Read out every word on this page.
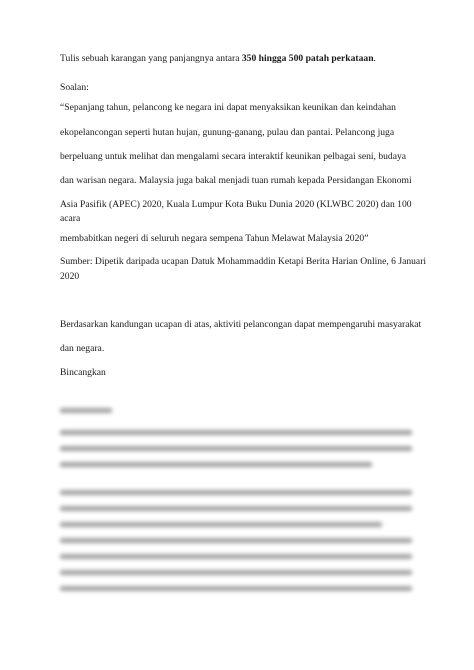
Tulis sebuah karangan yang panjangnya antara 350 hingga 500 patah perkataan.
Soalan:
“Sepanjang tahun, pelancong ke negara ini dapat menyaksikan keunikan dan keindahan
ekopelancongan seperti hutan hujan, gunung-ganang, pulau dan pantai. Pelancong juga
berpeluang untuk melihat dan mengalami secara interaktif keunikan pelbagai seni, budaya
dan warisan negara. Malaysia juga bakal menjadi tuan rumah kepada Persidangan Ekonomi
Asia Pasifik (APEC) 2020, Kuala Lumpur Kota Buku Dunia 2020 (KLWBC 2020) dan 100
acara
membabitkan negeri di seluruh negara sempena Tahun Melawat Malaysia 2020”
Sumber: Dipetik daripada ucapan Datuk Mohammaddin Ketapi Berita Harian Online, 6 Januari
2020
Berdasarkan kandungan ucapan di atas, aktiviti pelancongan dapat mempengaruhi masyarakat
dan negara.
Bincangkan
